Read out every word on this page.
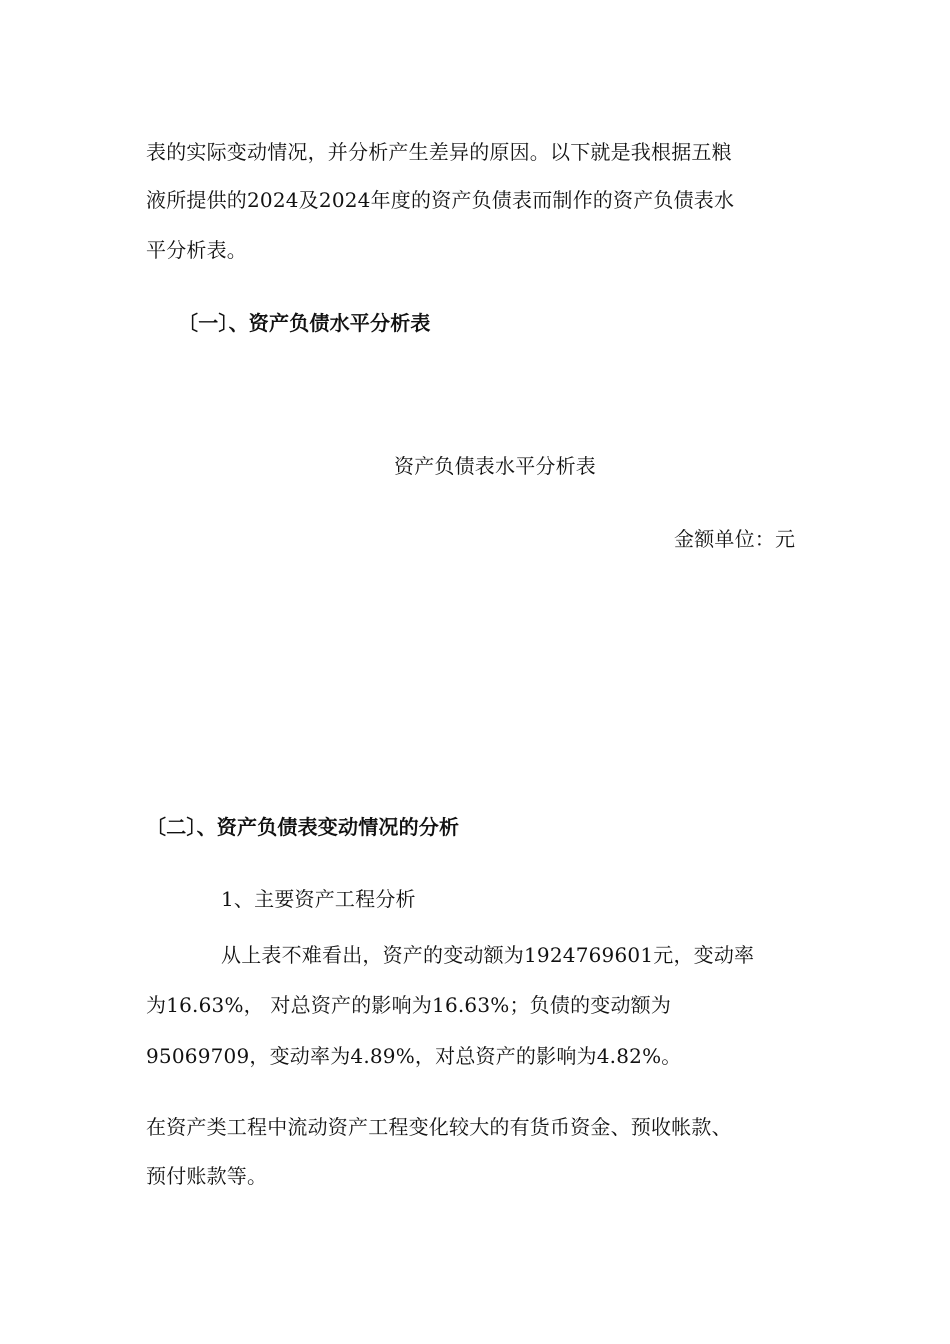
表的实际变动情况，并分析产生差异的原因。以下就是我根据五粮
液所提供的2024及2024年度的资产负债表而制作的资产负债表水
平分析表。
〔一〕、资产负债水平分析表
资产负债表水平分析表
金额单位：元
〔二〕、资产负债表变动情况的分析
1、主要资产工程分析
从上表不难看出，资产的变动额为1924769601元，变动率
为16.63%， 对总资产的影响为16.63%；负债的变动额为
95069709，变动率为4.89%，对总资产的影响为4.82%。
在资产类工程中流动资产工程变化较大的有货币资金、预收帐款、
预付账款等。
